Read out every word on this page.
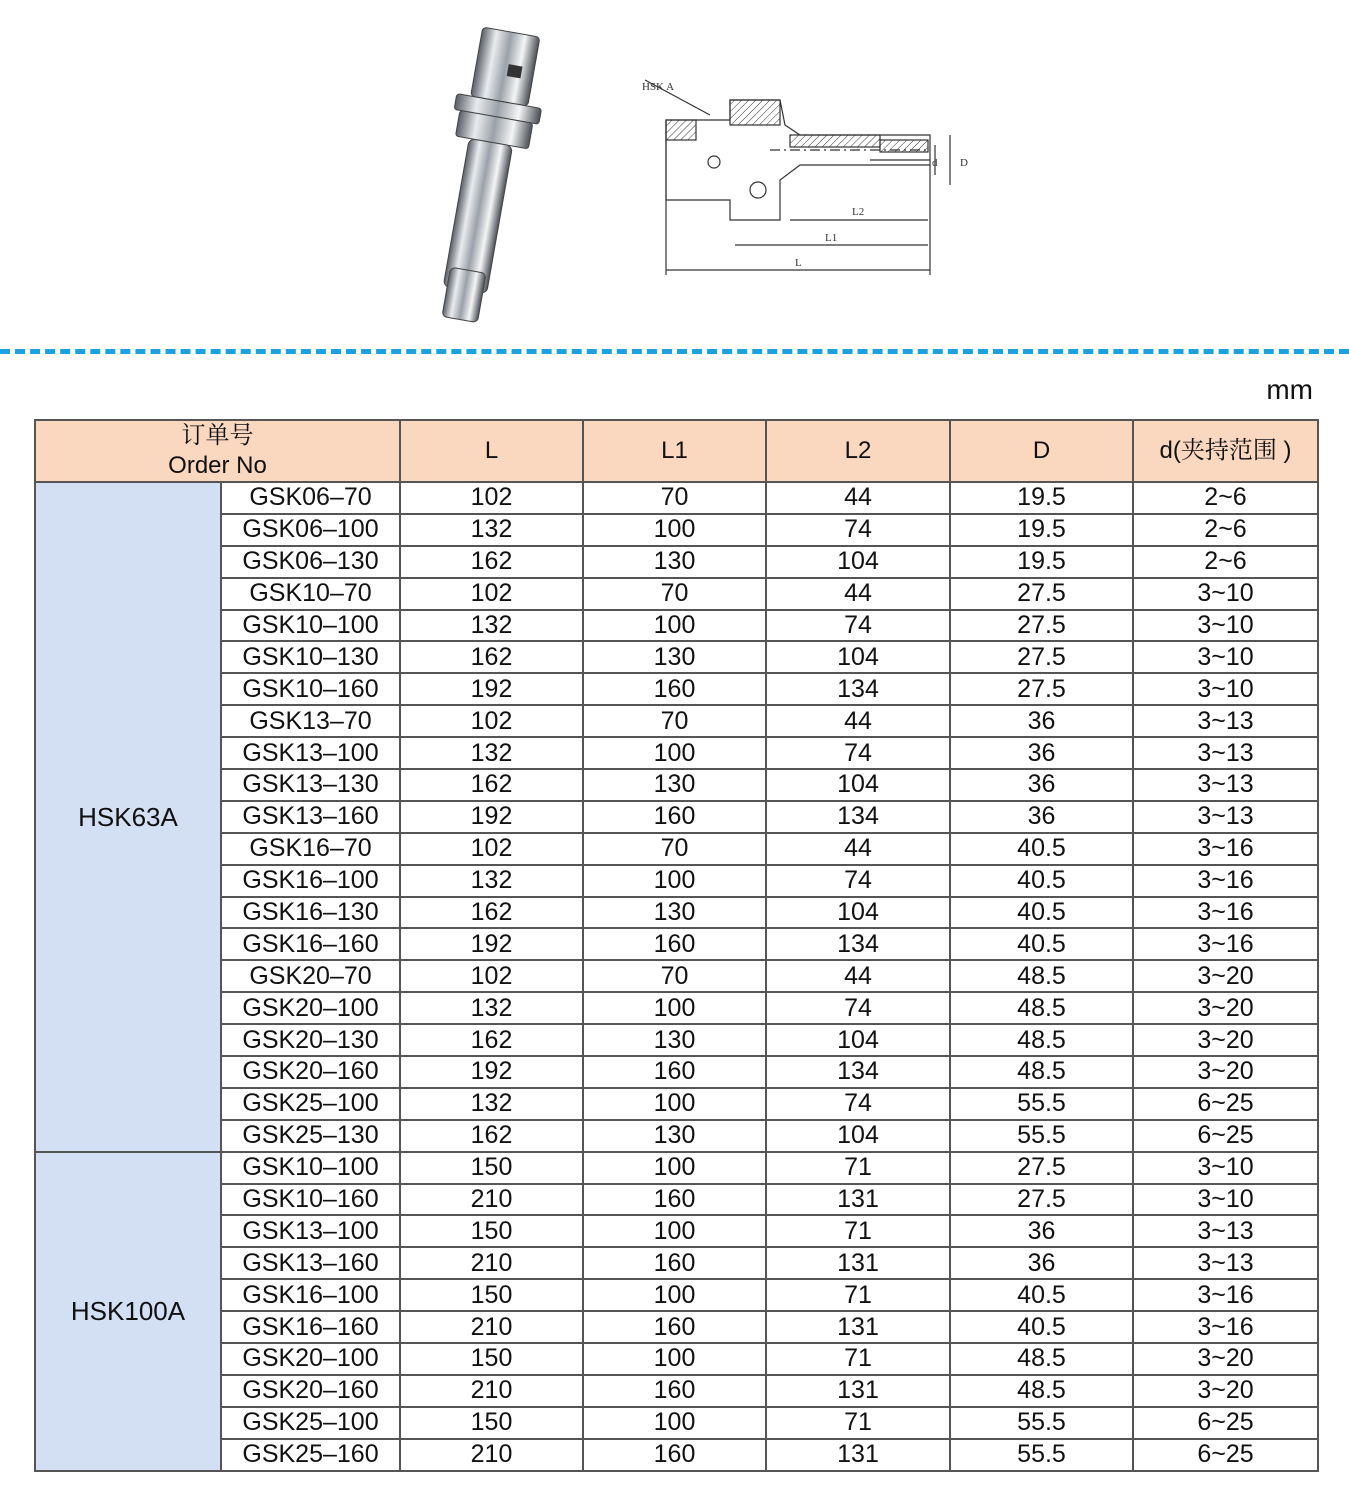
HSK A
d D
L2
L1
L
mm
订单号
Order No		L	L1	L2	D	d(夹持范围 )
HSK63A	GSK06–70	102	70	44	19.5	2~6
	GSK06–100	132	100	74	19.5	2~6
	GSK06–130	162	130	104	19.5	2~6
	GSK10–70	102	70	44	27.5	3~10
	GSK10–100	132	100	74	27.5	3~10
	GSK10–130	162	130	104	27.5	3~10
	GSK10–160	192	160	134	27.5	3~10
	GSK13–70	102	70	44	36	3~13
	GSK13–100	132	100	74	36	3~13
	GSK13–130	162	130	104	36	3~13
	GSK13–160	192	160	134	36	3~13
	GSK16–70	102	70	44	40.5	3~16
	GSK16–100	132	100	74	40.5	3~16
	GSK16–130	162	130	104	40.5	3~16
	GSK16–160	192	160	134	40.5	3~16
	GSK20–70	102	70	44	48.5	3~20
	GSK20–100	132	100	74	48.5	3~20
	GSK20–130	162	130	104	48.5	3~20
	GSK20–160	192	160	134	48.5	3~20
	GSK25–100	132	100	74	55.5	6~25
	GSK25–130	162	130	104	55.5	6~25
HSK100A	GSK10–100	150	100	71	27.5	3~10
	GSK10–160	210	160	131	27.5	3~10
	GSK13–100	150	100	71	36	3~13
	GSK13–160	210	160	131	36	3~13
	GSK16–100	150	100	71	40.5	3~16
	GSK16–160	210	160	131	40.5	3~16
	GSK20–100	150	100	71	48.5	3~20
	GSK20–160	210	160	131	48.5	3~20
	GSK25–100	150	100	71	55.5	6~25
	GSK25–160	210	160	131	55.5	6~25
